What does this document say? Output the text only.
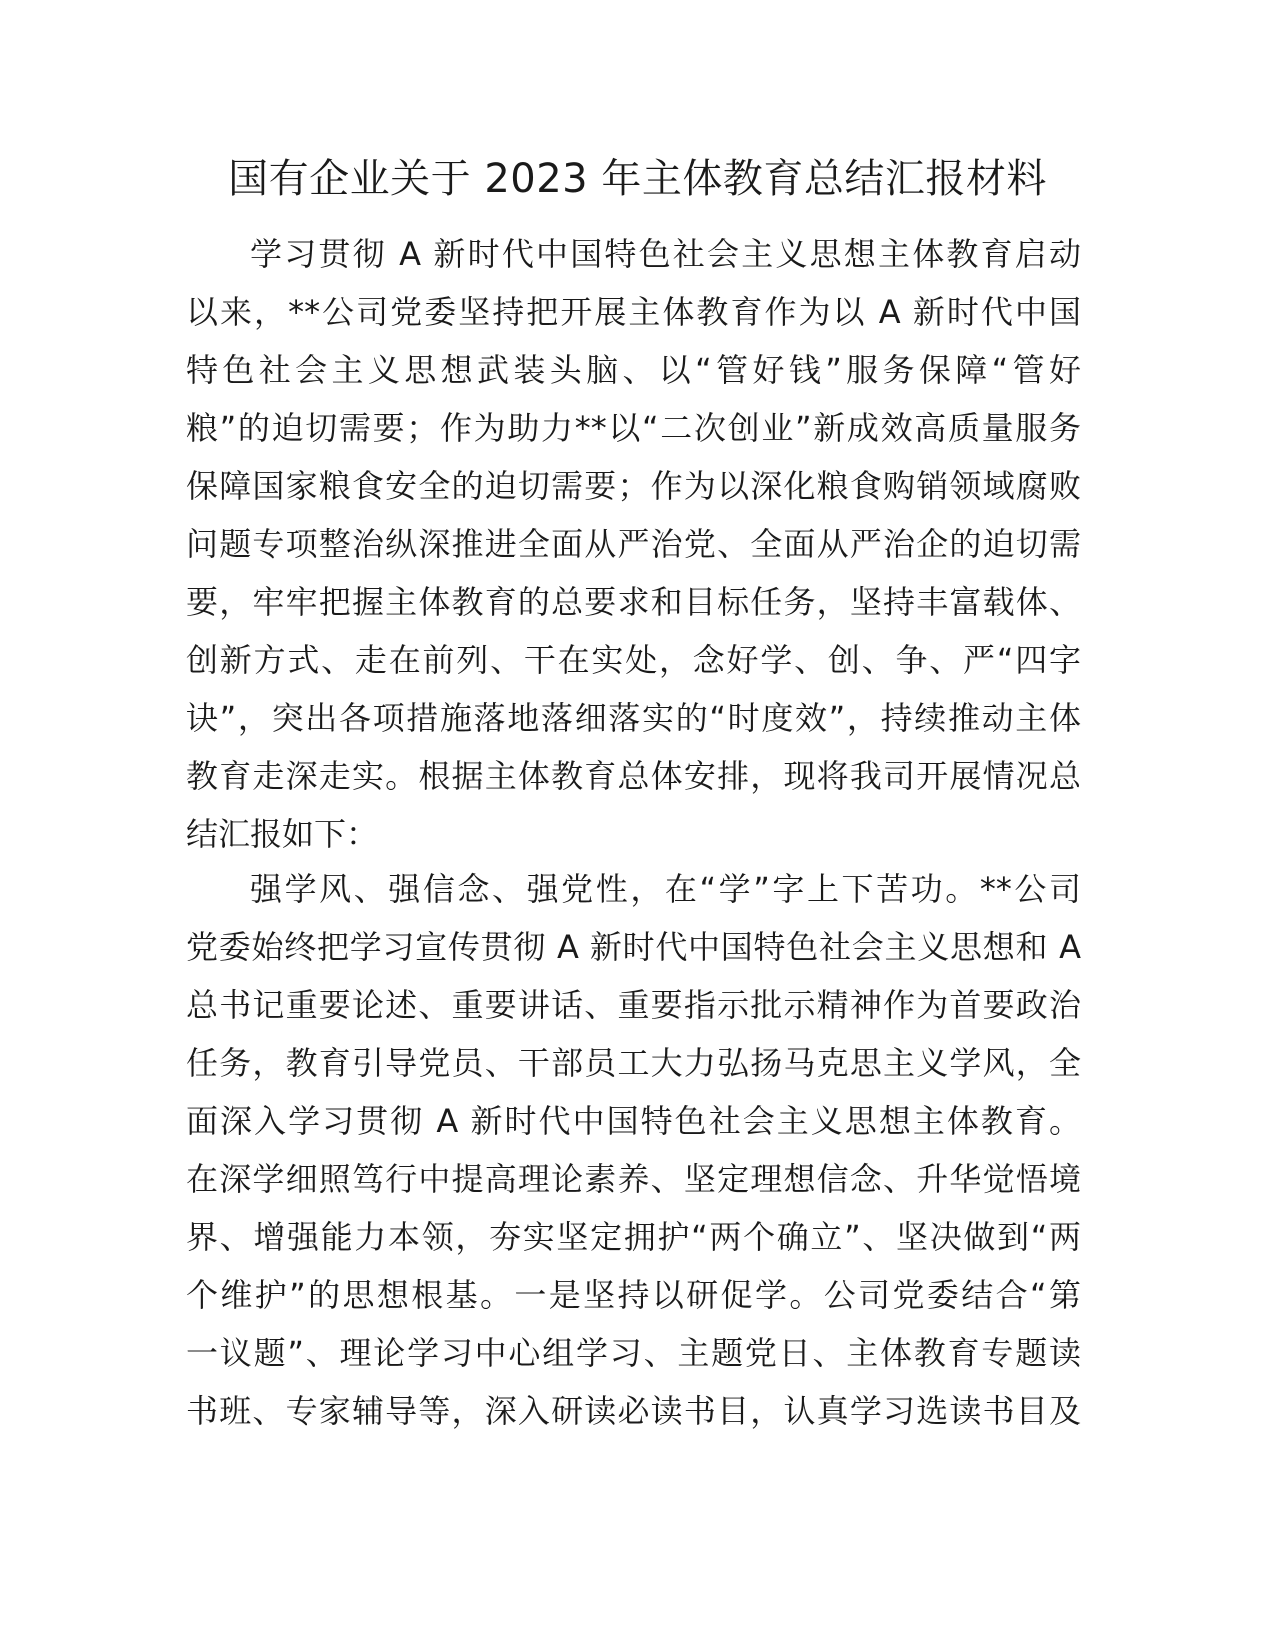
国有企业关于 2023 年主体教育总结汇报材料
学习贯彻 A 新时代中国特色社会主义思想主体教育启动
以来，**公司党委坚持把开展主体教育作为以 A 新时代中国
特色社会主义思想武装头脑、以“管好钱”服务保障“管好
粮”的迫切需要；作为助力**以“二次创业”新成效高质量服务
保障国家粮食安全的迫切需要；作为以深化粮食购销领域腐败
问题专项整治纵深推进全面从严治党、全面从严治企的迫切需
要，牢牢把握主体教育的总要求和目标任务，坚持丰富载体、
创新方式、走在前列、干在实处，念好学、创、争、严“四字
诀”，突出各项措施落地落细落实的“时度效”，持续推动主体
教育走深走实。根据主体教育总体安排，现将我司开展情况总
结汇报如下：
强学风、强信念、强党性，在“学”字上下苦功。**公司
党委始终把学习宣传贯彻 A 新时代中国特色社会主义思想和 A
总书记重要论述、重要讲话、重要指示批示精神作为首要政治
任务，教育引导党员、干部员工大力弘扬马克思主义学风，全
面深入学习贯彻 A 新时代中国特色社会主义思想主体教育。
在深学细照笃行中提高理论素养、坚定理想信念、升华觉悟境
界、增强能力本领，夯实坚定拥护“两个确立”、坚决做到“两
个维护”的思想根基。一是坚持以研促学。公司党委结合“第
一议题”、理论学习中心组学习、主题党日、主体教育专题读
书班、专家辅导等，深入研读必读书目，认真学习选读书目及
